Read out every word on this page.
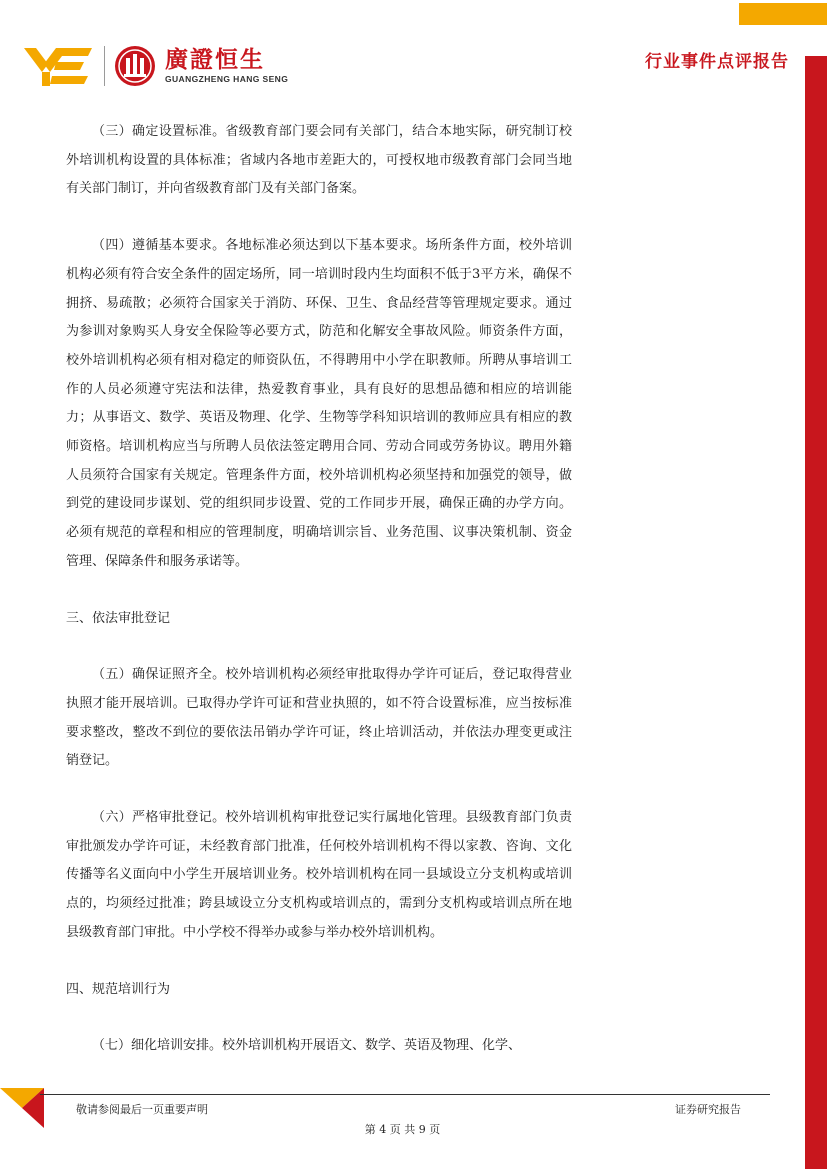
廣證恒生
GUANGZHENG HANG SENG
行业事件点评报告

（三）确定设置标准。省级教育部门要会同有关部门，结合本地实际，研究制订校外培训机构设置的具体标准；省域内各地市差距大的，可授权地市级教育部门会同当地有关部门制订，并向省级教育部门及有关部门备案。

（四）遵循基本要求。各地标准必须达到以下基本要求。场所条件方面，校外培训机构必须有符合安全条件的固定场所，同一培训时段内生均面积不低于3平方米，确保不拥挤、易疏散；必须符合国家关于消防、环保、卫生、食品经营等管理规定要求。通过为参训对象购买人身安全保险等必要方式，防范和化解安全事故风险。师资条件方面，校外培训机构必须有相对稳定的师资队伍，不得聘用中小学在职教师。所聘从事培训工作的人员必须遵守宪法和法律，热爱教育事业，具有良好的思想品德和相应的培训能力；从事语文、数学、英语及物理、化学、生物等学科知识培训的教师应具有相应的教师资格。培训机构应当与所聘人员依法签定聘用合同、劳动合同或劳务协议。聘用外籍人员须符合国家有关规定。管理条件方面，校外培训机构必须坚持和加强党的领导，做到党的建设同步谋划、党的组织同步设置、党的工作同步开展，确保正确的办学方向。必须有规范的章程和相应的管理制度，明确培训宗旨、业务范围、议事决策机制、资金管理、保障条件和服务承诺等。

三、依法审批登记

（五）确保证照齐全。校外培训机构必须经审批取得办学许可证后，登记取得营业执照才能开展培训。已取得办学许可证和营业执照的，如不符合设置标准，应当按标准要求整改，整改不到位的要依法吊销办学许可证，终止培训活动，并依法办理变更或注销登记。

（六）严格审批登记。校外培训机构审批登记实行属地化管理。县级教育部门负责审批颁发办学许可证，未经教育部门批准，任何校外培训机构不得以家教、咨询、文化传播等名义面向中小学生开展培训业务。校外培训机构在同一县域设立分支机构或培训点的，均须经过批准；跨县域设立分支机构或培训点的，需到分支机构或培训点所在地县级教育部门审批。中小学校不得举办或参与举办校外培训机构。

四、规范培训行为

（七）细化培训安排。校外培训机构开展语文、数学、英语及物理、化学、

敬请参阅最后一页重要声明	证券研究报告
第 4 页 共 9 页
